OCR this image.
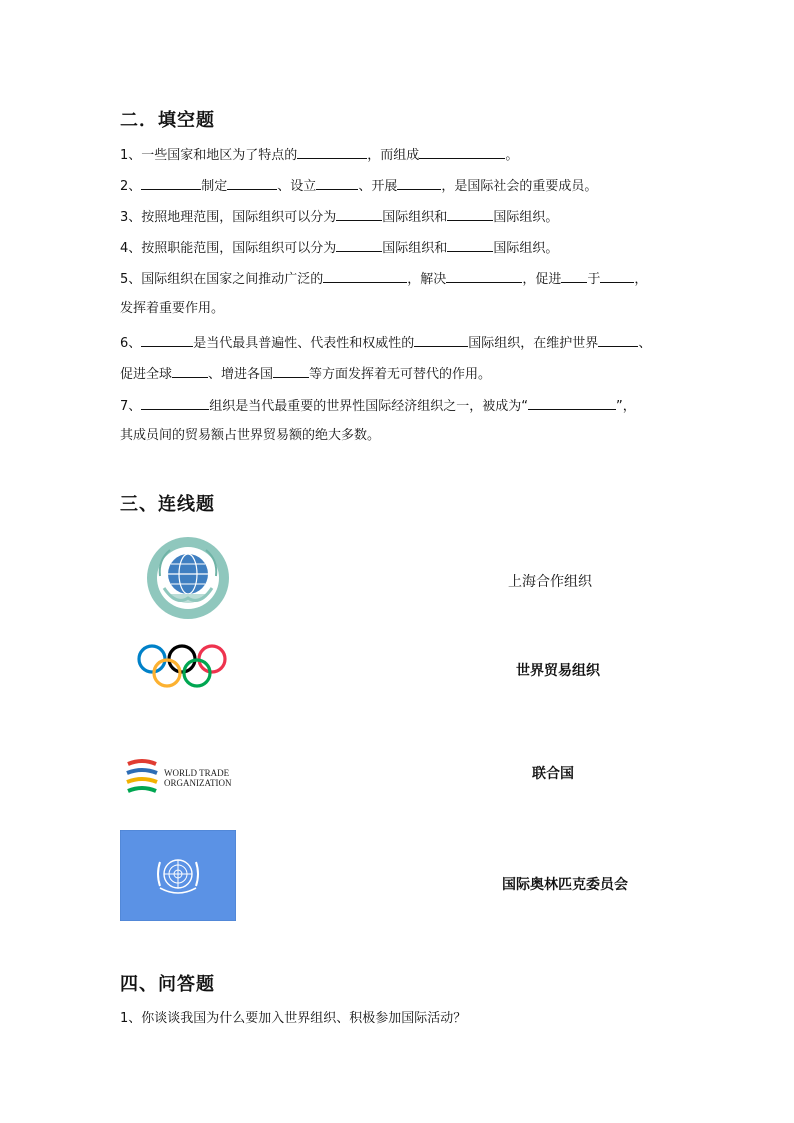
二．填空题
1、一些国家和地区为了特点的	，而组成	。
2、	制定	、设立	、开展	，是国际社会的重要成员。
3、按照地理范围，国际组织可以分为	国际组织和	国际组织。
4、按照职能范围，国际组织可以分为	国际组织和	国际组织。
5、国际组织在国家之间推动广泛的	，解决	，促进 于	，
发挥着重要作用。
6、	是当代最具普遍性、代表性和权威性的	国际组织，在维护世界	、
促进全球	、增进各国	等方面发挥着无可替代的作用。
7、	组织是当代最重要的世界性国际经济组织之一，被成为“	”，
其成员间的贸易额占世界贸易额的绝大多数。
三、连线题
上海合作组织
世界贸易组织
WORLD TRADE
ORGANIZATION
联合国
国际奥林匹克委员会
四、问答题
1、你谈谈我国为什么要加入世界组织、积极参加国际活动？
